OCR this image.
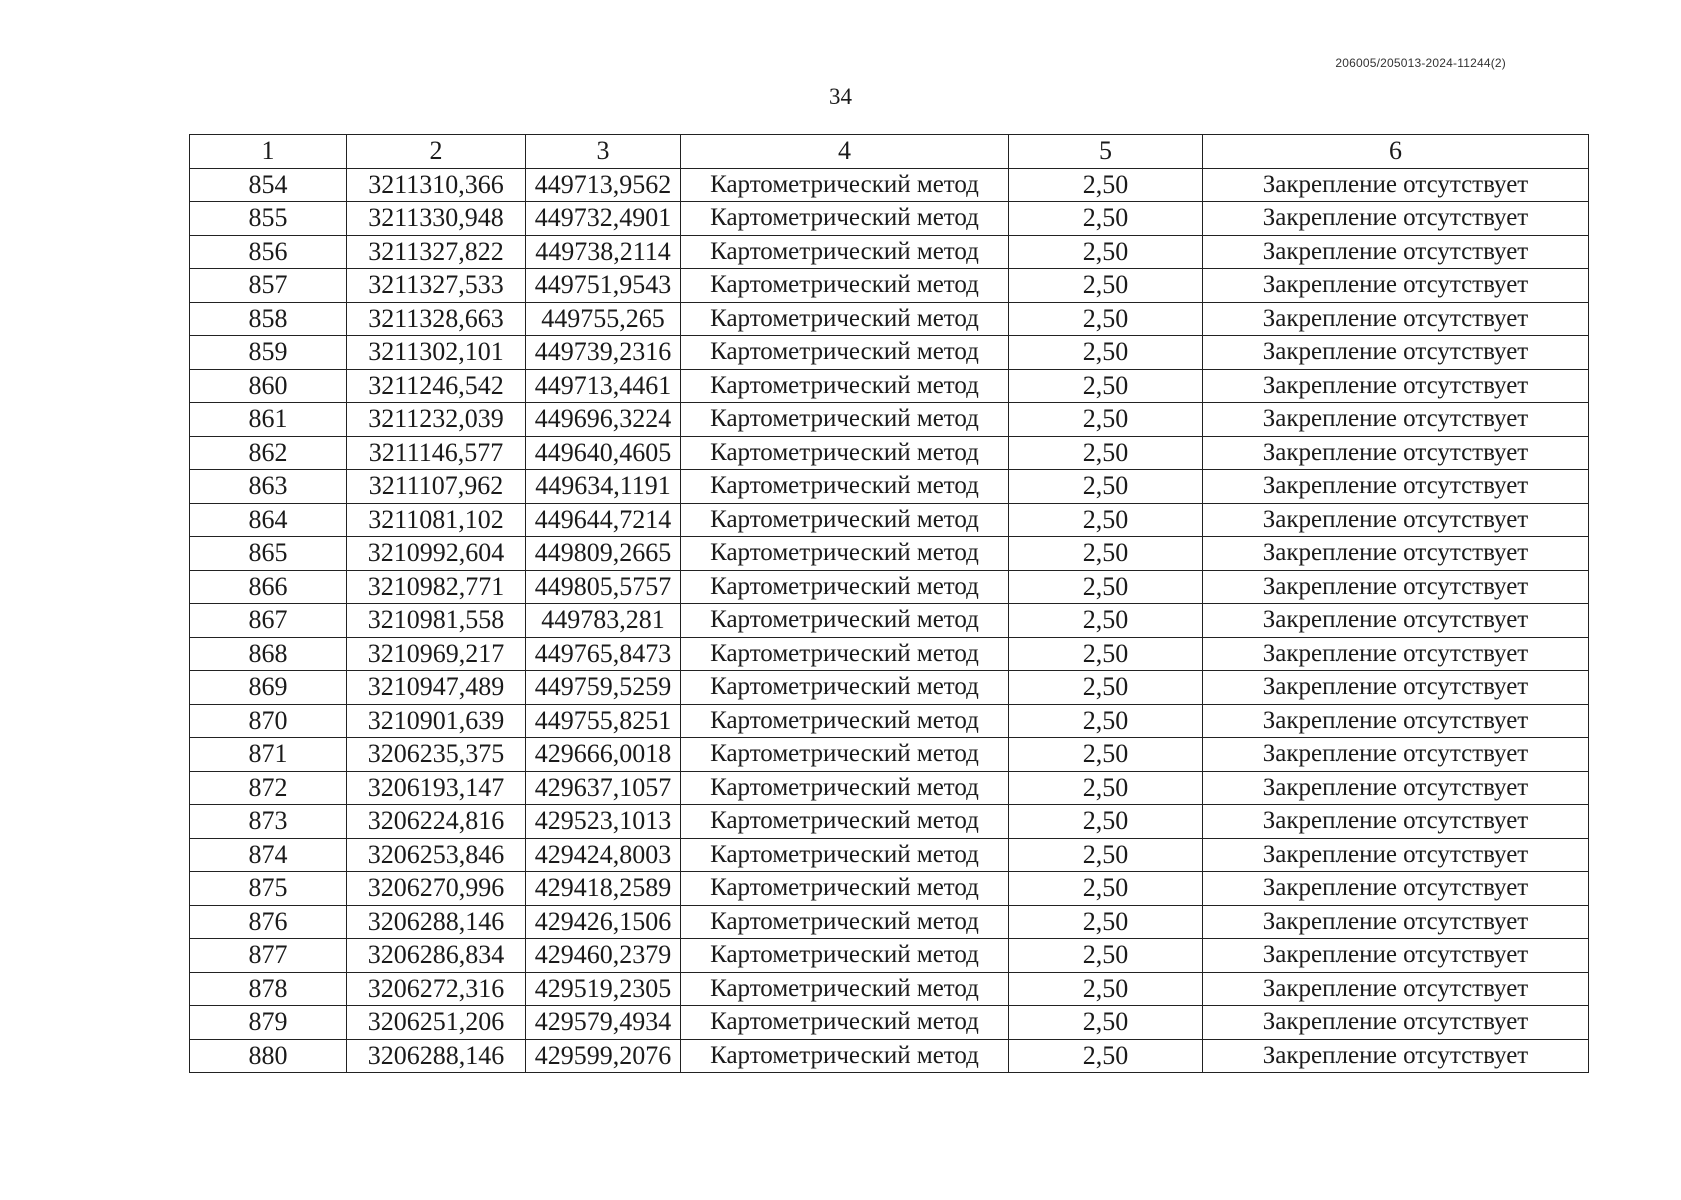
206005/205013-2024-11244(2)
34
1	2	3	4	5	6
854	3211310,366	449713,9562	Картометрический метод	2,50	Закрепление отсутствует
855	3211330,948	449732,4901	Картометрический метод	2,50	Закрепление отсутствует
856	3211327,822	449738,2114	Картометрический метод	2,50	Закрепление отсутствует
857	3211327,533	449751,9543	Картометрический метод	2,50	Закрепление отсутствует
858	3211328,663	449755,265	Картометрический метод	2,50	Закрепление отсутствует
859	3211302,101	449739,2316	Картометрический метод	2,50	Закрепление отсутствует
860	3211246,542	449713,4461	Картометрический метод	2,50	Закрепление отсутствует
861	3211232,039	449696,3224	Картометрический метод	2,50	Закрепление отсутствует
862	3211146,577	449640,4605	Картометрический метод	2,50	Закрепление отсутствует
863	3211107,962	449634,1191	Картометрический метод	2,50	Закрепление отсутствует
864	3211081,102	449644,7214	Картометрический метод	2,50	Закрепление отсутствует
865	3210992,604	449809,2665	Картометрический метод	2,50	Закрепление отсутствует
866	3210982,771	449805,5757	Картометрический метод	2,50	Закрепление отсутствует
867	3210981,558	449783,281	Картометрический метод	2,50	Закрепление отсутствует
868	3210969,217	449765,8473	Картометрический метод	2,50	Закрепление отсутствует
869	3210947,489	449759,5259	Картометрический метод	2,50	Закрепление отсутствует
870	3210901,639	449755,8251	Картометрический метод	2,50	Закрепление отсутствует
871	3206235,375	429666,0018	Картометрический метод	2,50	Закрепление отсутствует
872	3206193,147	429637,1057	Картометрический метод	2,50	Закрепление отсутствует
873	3206224,816	429523,1013	Картометрический метод	2,50	Закрепление отсутствует
874	3206253,846	429424,8003	Картометрический метод	2,50	Закрепление отсутствует
875	3206270,996	429418,2589	Картометрический метод	2,50	Закрепление отсутствует
876	3206288,146	429426,1506	Картометрический метод	2,50	Закрепление отсутствует
877	3206286,834	429460,2379	Картометрический метод	2,50	Закрепление отсутствует
878	3206272,316	429519,2305	Картометрический метод	2,50	Закрепление отсутствует
879	3206251,206	429579,4934	Картометрический метод	2,50	Закрепление отсутствует
880	3206288,146	429599,2076	Картометрический метод	2,50	Закрепление отсутствует
